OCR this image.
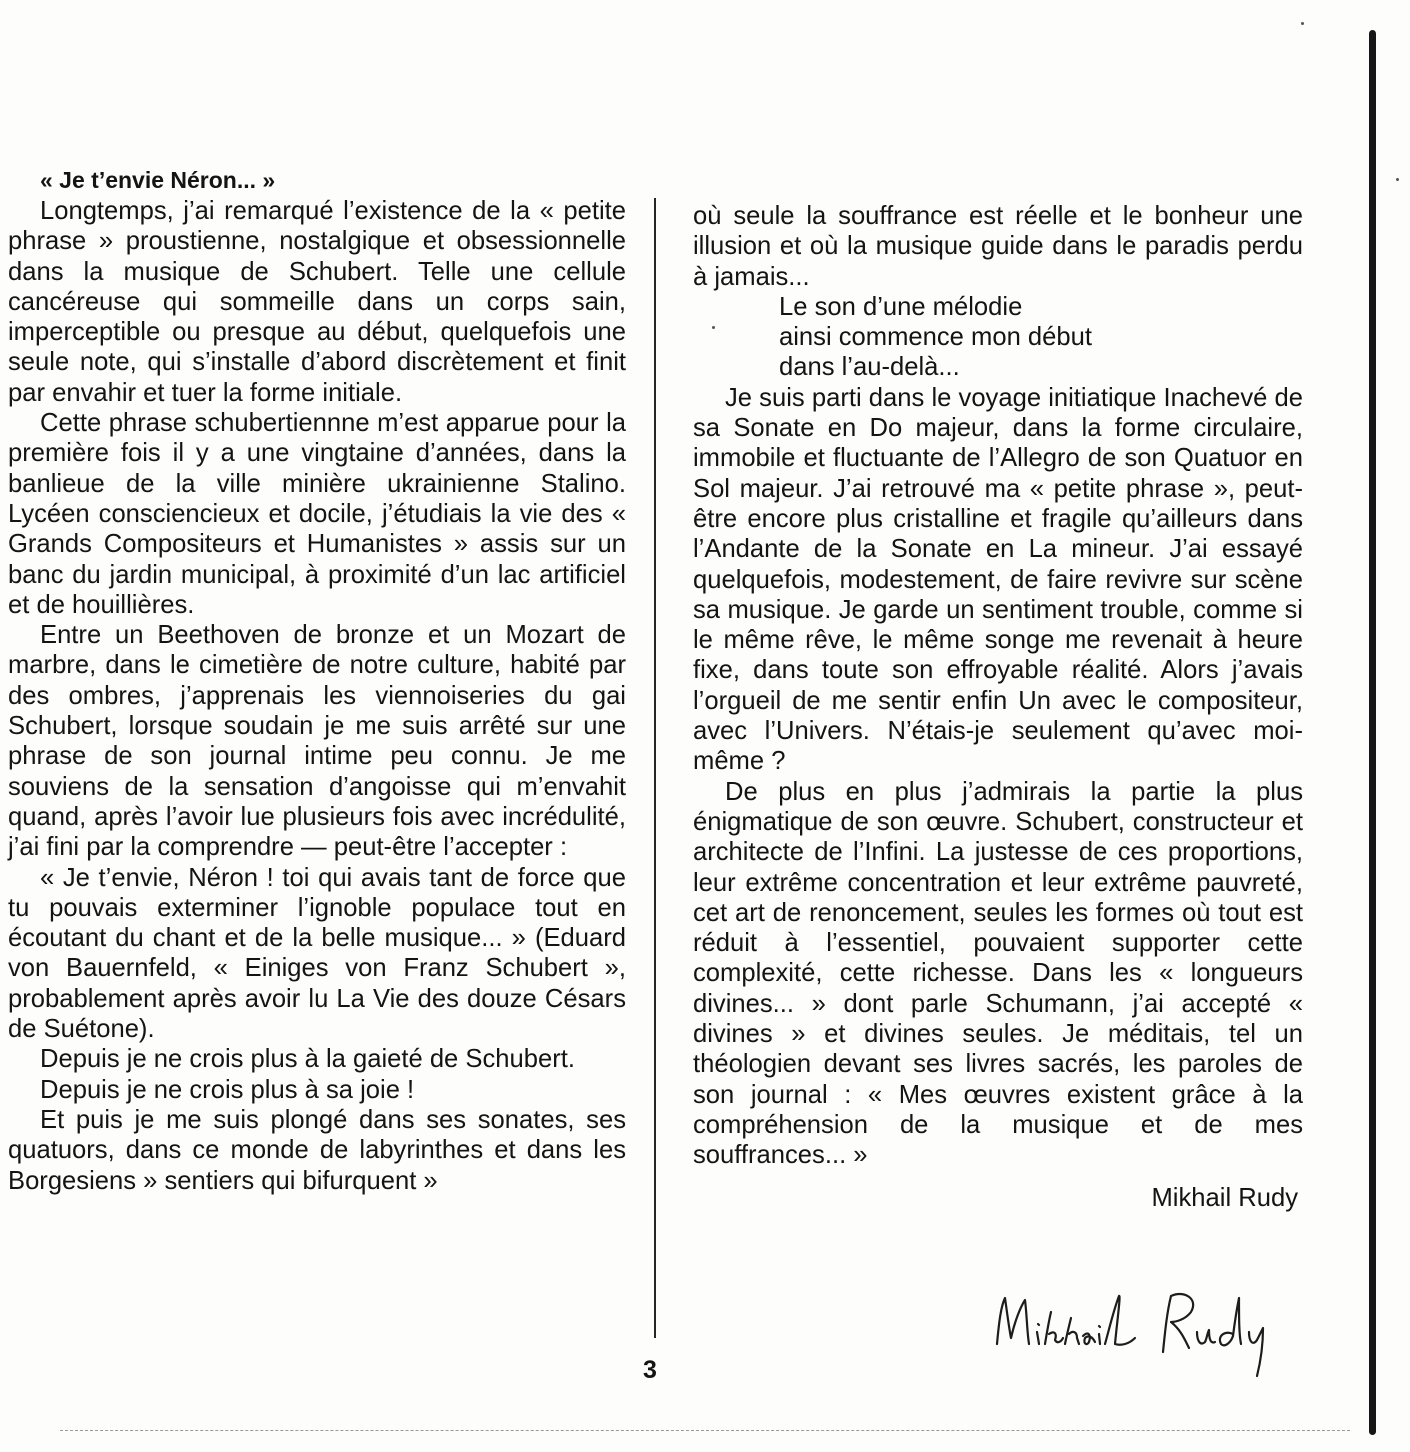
« Je t’envie Néron... »

Longtemps, j’ai remarqué l’existence de la « petite phrase » proustienne, nostalgique et obsessionnelle dans la musique de Schubert. Telle une cellule cancéreuse qui sommeille dans un corps sain, imperceptible ou presque au début, quelquefois une seule note, qui s’installe d’abord discrètement et finit par envahir et tuer la forme initiale.

Cette phrase schubertiennne m’est apparue pour la première fois il y a une vingtaine d’années, dans la banlieue de la ville minière ukrainienne Stalino. Lycéen consciencieux et docile, j’étudiais la vie des « Grands Compositeurs et Humanistes » assis sur un banc du jardin municipal, à proximité d’un lac artificiel et de houillières.

Entre un Beethoven de bronze et un Mozart de marbre, dans le cimetière de notre culture, habité par des ombres, j’apprenais les viennoiseries du gai Schubert, lorsque soudain je me suis arrêté sur une phrase de son journal intime peu connu. Je me souviens de la sensation d’angoisse qui m’envahit quand, après l’avoir lue plusieurs fois avec incrédulité, j’ai fini par la comprendre — peut-être l’accepter :

« Je t’envie, Néron ! toi qui avais tant de force que tu pouvais exterminer l’ignoble populace tout en écoutant du chant et de la belle musique... » (Eduard von Bauernfeld, « Einiges von Franz Schubert », probablement après avoir lu La Vie des douze Césars de Suétone).

Depuis je ne crois plus à la gaieté de Schubert.

Depuis je ne crois plus à sa joie !

Et puis je me suis plongé dans ses sonates, ses quatuors, dans ce monde de labyrinthes et dans les Borgesiens » sentiers qui bifurquent »

où seule la souffrance est réelle et le bonheur une illusion et où la musique guide dans le paradis perdu à jamais...

Le son d’une mélodie
ainsi commence mon début
dans l’au-delà...

Je suis parti dans le voyage initiatique Inachevé de sa Sonate en Do majeur, dans la forme circulaire, immobile et fluctuante de l’Allegro de son Quatuor en Sol majeur. J’ai retrouvé ma « petite phrase », peut-être encore plus cristalline et fragile qu’ailleurs dans l’Andante de la Sonate en La mineur. J’ai essayé quelquefois, modestement, de faire revivre sur scène sa musique. Je garde un sentiment trouble, comme si le même rêve, le même songe me revenait à heure fixe, dans toute son effroyable réalité. Alors j’avais l’orgueil de me sentir enfin Un avec le compositeur, avec l’Univers. N’étais-je seulement qu’avec moi-même ?

De plus en plus j’admirais la partie la plus énigmatique de son œuvre. Schubert, constructeur et architecte de l’Infini. La justesse de ces proportions, leur extrême concentration et leur extrême pauvreté, cet art de renoncement, seules les formes où tout est réduit à l’essentiel, pouvaient supporter cette complexité, cette richesse. Dans les « longueurs divines... » dont parle Schumann, j’ai accepté « divines » et divines seules. Je méditais, tel un théologien devant ses livres sacrés, les paroles de son journal : « Mes œuvres existent grâce à la compréhension de la musique et de mes souffrances... »

Mikhail Rudy
3
